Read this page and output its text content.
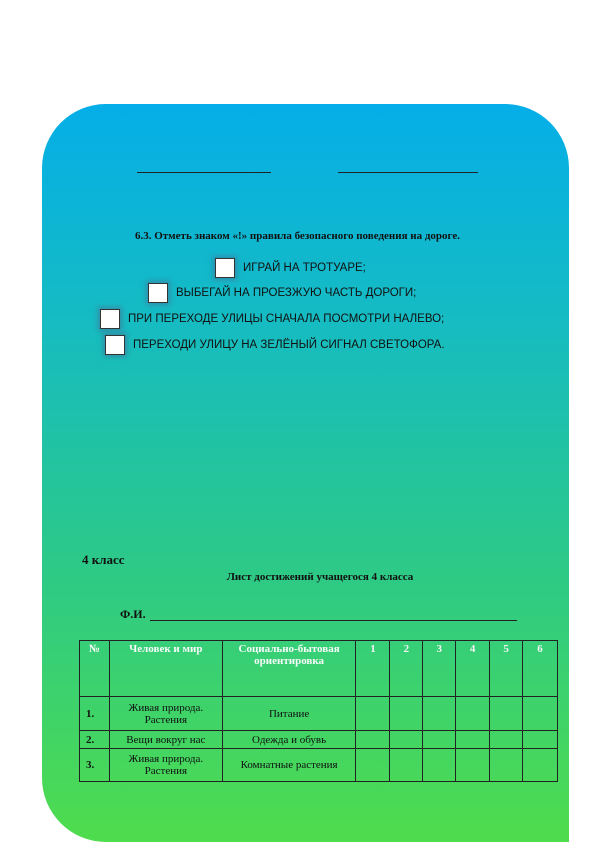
6.3. Отметь знаком «!» правила безопасного поведения на дороге.
ИГРАЙ НА ТРОТУАРЕ;
ВЫБЕГАЙ НА ПРОЕЗЖУЮ ЧАСТЬ ДОРОГИ;
ПРИ ПЕРЕХОДЕ УЛИЦЫ СНАЧАЛА ПОСМОТРИ НАЛЕВО;
ПЕРЕХОДИ УЛИЦУ НА ЗЕЛЁНЫЙ СИГНАЛ СВЕТОФОРА.
4 класс
Лист достижений учащегося 4 класса
Ф.И.
№	Человек и мир	Социально-бытовая ориентировка	1	2	3	4	5	6
1.	Живая природа. Растения	Питание						
2.	Вещи вокруг нас	Одежда и обувь						
3.	Живая природа. Растения	Комнатные растения						
